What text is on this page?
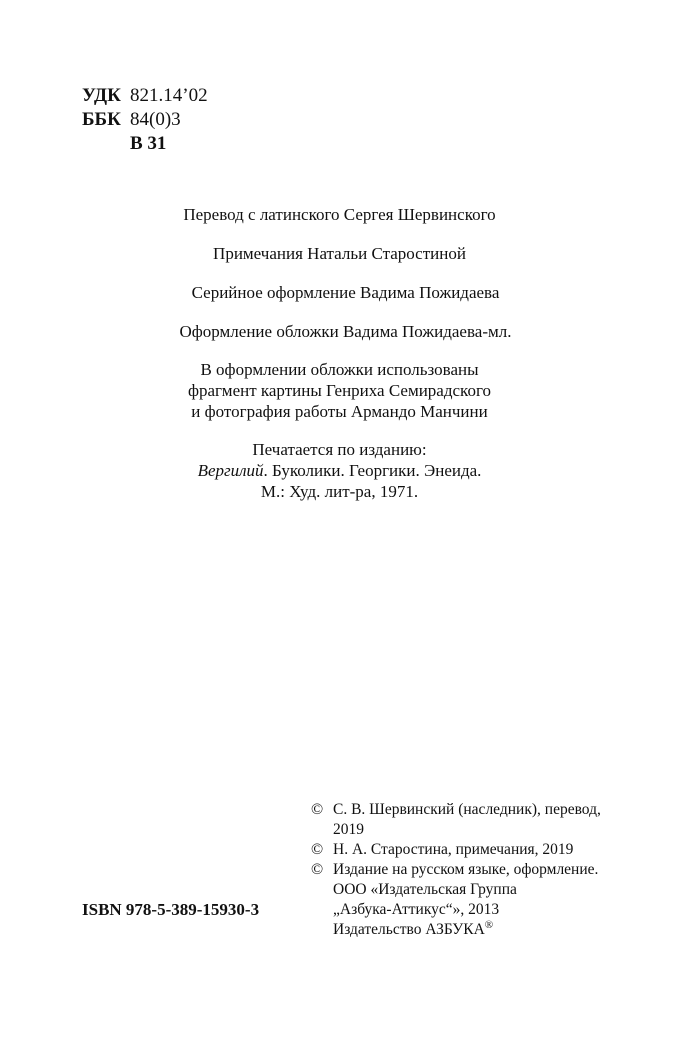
УДК 821.14’02
ББК 84(0)3
В 31
Перевод с латинского Сергея Шервинского
Примечания Натальи Старостиной
Серийное оформление Вадима Пожидаева
Оформление обложки Вадима Пожидаева-мл.
В оформлении обложки использованы
фрагмент картины Генриха Семирадского
и фотография работы Армандо Манчини
Печатается по изданию:
Вергилий. Буколики. Георгики. Энеида.
М.: Худ. лит-ра, 1971.
© С. В. Шервинский (наследник), перевод,
2019
© Н. А. Старостина, примечания, 2019
© Издание на русском языке, оформление.
ООО «Издательская Группа
„Азбука-Аттикус“», 2013
Издательство АЗБУКА®
ISBN 978-5-389-15930-3
